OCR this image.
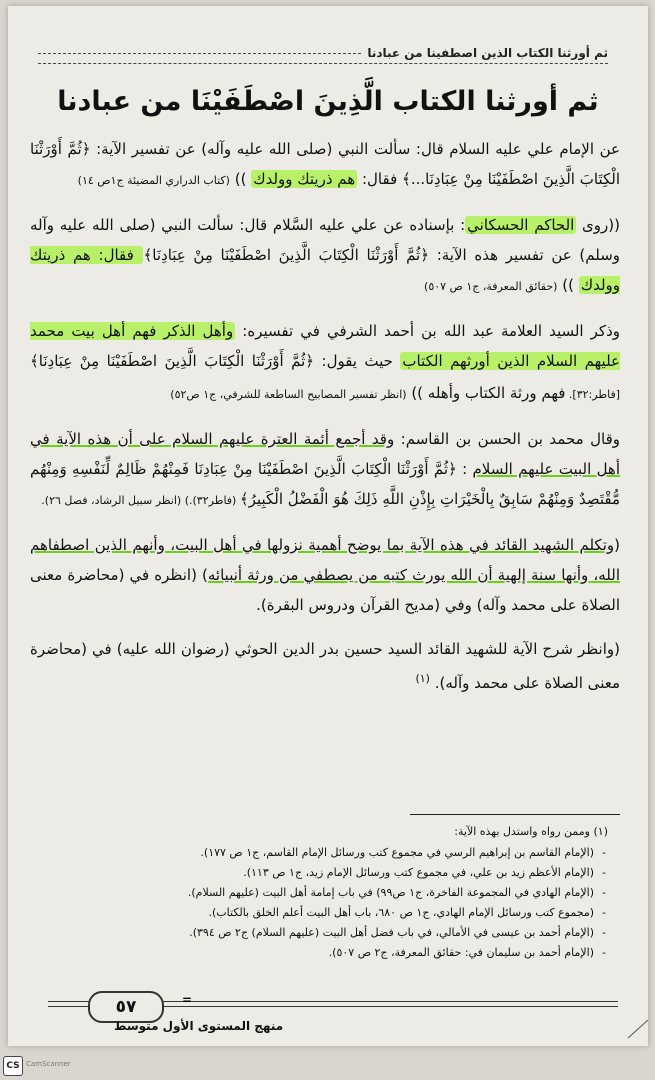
ثم أورثنا الكتاب الذين اصطفينا من عبادنا
ثم أورثنا الكتاب الَّذِينَ اصْطَفَيْنَا من عبادنا

عن الإمام علي عليه السلام قال: سألت النبي (صلى الله عليه وآله) عن تفسير الآية: ﴿ثُمَّ أَوْرَثْنَا الْكِتَابَ الَّذِينَ اصْطَفَيْنَا مِنْ عِبَادِنَا...﴾ فقال: هم ذريتك وولدك )) (كتاب الدراري المضيئة ج١ص ١٤)

((روى الحاكم الحسكاني: بإسناده عن علي عليه السَّلام قال: سألت النبي (صلى الله عليه وآله وسلم) عن تفسير هذه الآية: ﴿ثُمَّ أَوْرَثْنَا الْكِتَابَ الَّذِينَ اصْطَفَيْنَا مِنْ عِبَادِنَا﴾ فقال: هم ذريتك وولدك )) (حقائق المعرفة، ج١ ص ٥٠٧)

وذكر السيد العلامة عبد الله بن أحمد الشرفي في تفسيره: وأهل الذكر فهم أهل بيت محمد عليهم السلام الذين أورثهم الكتاب حيث يقول: ﴿ثُمَّ أَوْرَثْنَا الْكِتَابَ الَّذِينَ اصْطَفَيْنَا مِنْ عِبَادِنَا﴾ [فاطر:٣٢]. فهم ورثة الكتاب وأهله )) (انظر تفسير المصابيح الساطعة للشرفي، ج١ ص٥٢)

وقال محمد بن الحسن بن القاسم: وقد أجمع أئمة العترة عليهم السلام على أن هذه الآية في أهل البيت عليهم السلام : ﴿ثُمَّ أَوْرَثْنَا الْكِتَابَ الَّذِينَ اصْطَفَيْنَا مِنْ عِبَادِنَا فَمِنْهُمْ ظَالِمٌ لِّنَفْسِهِ وَمِنْهُم مُّقْتَصِدٌ وَمِنْهُمْ سَابِقٌ بِالْخَيْرَاتِ بِإِذْنِ اللَّهِ ذَلِكَ هُوَ الْفَضْلُ الْكَبِيرُ﴾ (فاطر٣٢).) (انظر سبيل الرشاد، فصل ٢٦).

(وتكلم الشهيد القائد في هذه الآية بما يوضح أهمية نزولها في أهل البيت، وأنهم الذين اصطفاهم الله، وأنها سنة إلهية أن الله يورث كتبه من يصطفي من ورثة أنبيائه) (انظره في (محاضرة معنى الصلاة على محمد وآله) وفي (مديح القرآن ودروس البقرة).

(وانظر شرح الآية للشهيد القائد السيد حسين بدر الدين الحوثي (رضوان الله عليه) في (محاضرة معنى الصلاة على محمد وآله). $^{(١)}$

(١) وممن رواه واستدل بهذه الآية:
- (الإمام القاسم بن إبراهيم الرسي في مجموع كتب ورسائل الإمام القاسم، ج١ ص ١٧٧).
- (الإمام الأعظم زيد بن علي، في مجموع كتب ورسائل الإمام زيد، ج١ ص ١١٣).
- (الإمام الهادي في المجموعة الفاخرة، ج١ ص٩٩) في باب إمامة أهل البيت (عليهم السلام).
- (مجموع كتب ورسائل الإمام الهادي، ج١ ص ٦٨٠، باب أهل البيت أعلم الخلق بالكتاب).
- (الإمام أحمد بن عيسى في الأمالي، في باب فضل أهل البيت (عليهم السلام) ج٢ ص ٣٩٤).
- (الإمام أحمد بن سليمان في: حقائق المعرفة، ج٢ ص ٥٠٧).
٥٧	=
منهج المستوى الأول متوسط
CS CamScanner
